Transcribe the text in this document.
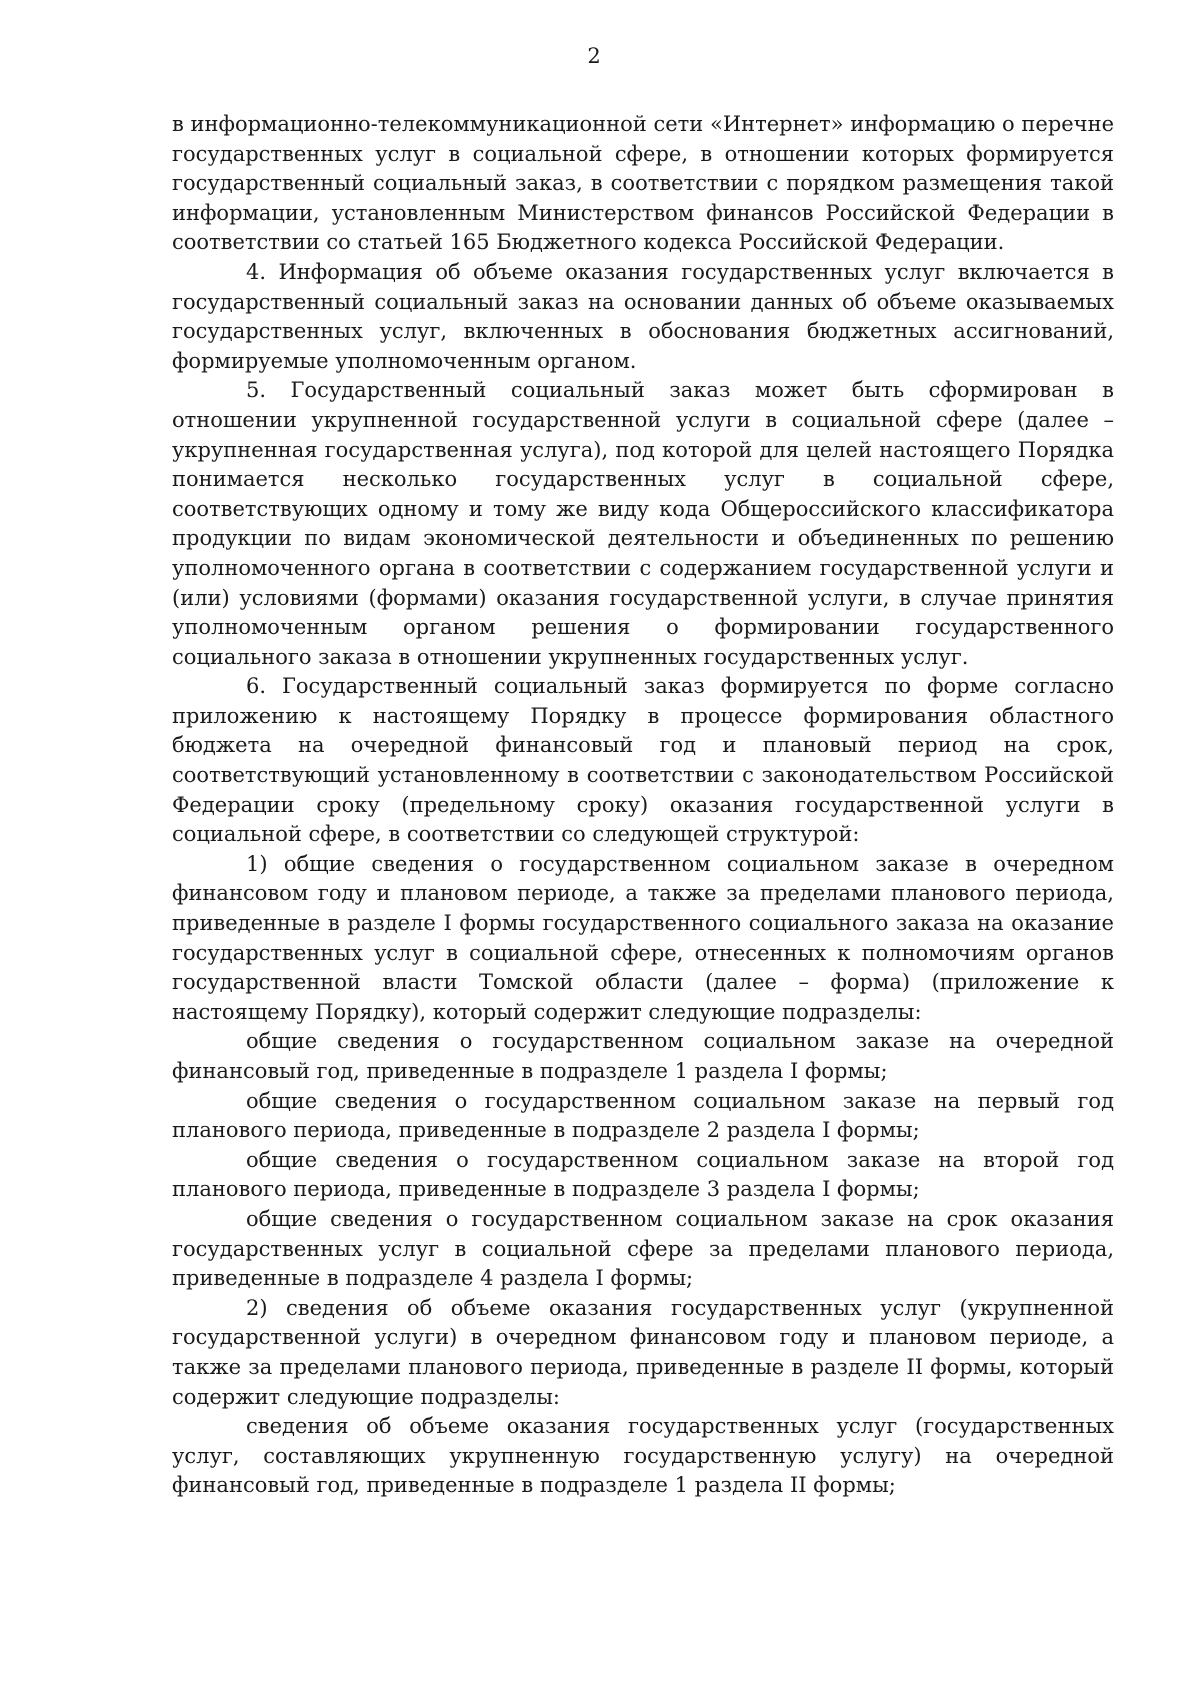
2

в информационно-телекоммуникационной сети «Интернет» информацию о перечне государственных услуг в социальной сфере, в отношении которых формируется государственный социальный заказ, в соответствии с порядком размещения такой информации, установленным Министерством финансов Российской Федерации в соответствии со статьей 165 Бюджетного кодекса Российской Федерации.

4. Информация об объеме оказания государственных услуг включается в государственный социальный заказ на основании данных об объеме оказываемых государственных услуг, включенных в обоснования бюджетных ассигнований, формируемые уполномоченным органом.

5. Государственный социальный заказ может быть сформирован в отношении укрупненной государственной услуги в социальной сфере (далее – укрупненная государственная услуга), под которой для целей настоящего Порядка понимается несколько государственных услуг в социальной сфере, соответствующих одному и тому же виду кода Общероссийского классификатора продукции по видам экономической деятельности и объединенных по решению уполномоченного органа в соответствии с содержанием государственной услуги и (или) условиями (формами) оказания государственной услуги, в случае принятия уполномоченным органом решения о формировании государственного социального заказа в отношении укрупненных государственных услуг.

6. Государственный социальный заказ формируется по форме согласно приложению к настоящему Порядку в процессе формирования областного бюджета на очередной финансовый год и плановый период на срок, соответствующий установленному в соответствии с законодательством Российской Федерации сроку (предельному сроку) оказания государственной услуги в социальной сфере, в соответствии со следующей структурой:

1) общие сведения о государственном социальном заказе в очередном финансовом году и плановом периоде, а также за пределами планового периода, приведенные в разделе I формы государственного социального заказа на оказание государственных услуг в социальной сфере, отнесенных к полномочиям органов государственной власти Томской области (далее – форма) (приложение к настоящему Порядку), который содержит следующие подразделы:

общие сведения о государственном социальном заказе на очередной финансовый год, приведенные в подразделе 1 раздела I формы;

общие сведения о государственном социальном заказе на первый год планового периода, приведенные в подразделе 2 раздела I формы;

общие сведения о государственном социальном заказе на второй год планового периода, приведенные в подразделе 3 раздела I формы;

общие сведения о государственном социальном заказе на срок оказания государственных услуг в социальной сфере за пределами планового периода, приведенные в подразделе 4 раздела I формы;

2) сведения об объеме оказания государственных услуг (укрупненной государственной услуги) в очередном финансовом году и плановом периоде, а также за пределами планового периода, приведенные в разделе II формы, который содержит следующие подразделы:

сведения об объеме оказания государственных услуг (государственных услуг, составляющих укрупненную государственную услугу) на очередной финансовый год, приведенные в подразделе 1 раздела II формы;
